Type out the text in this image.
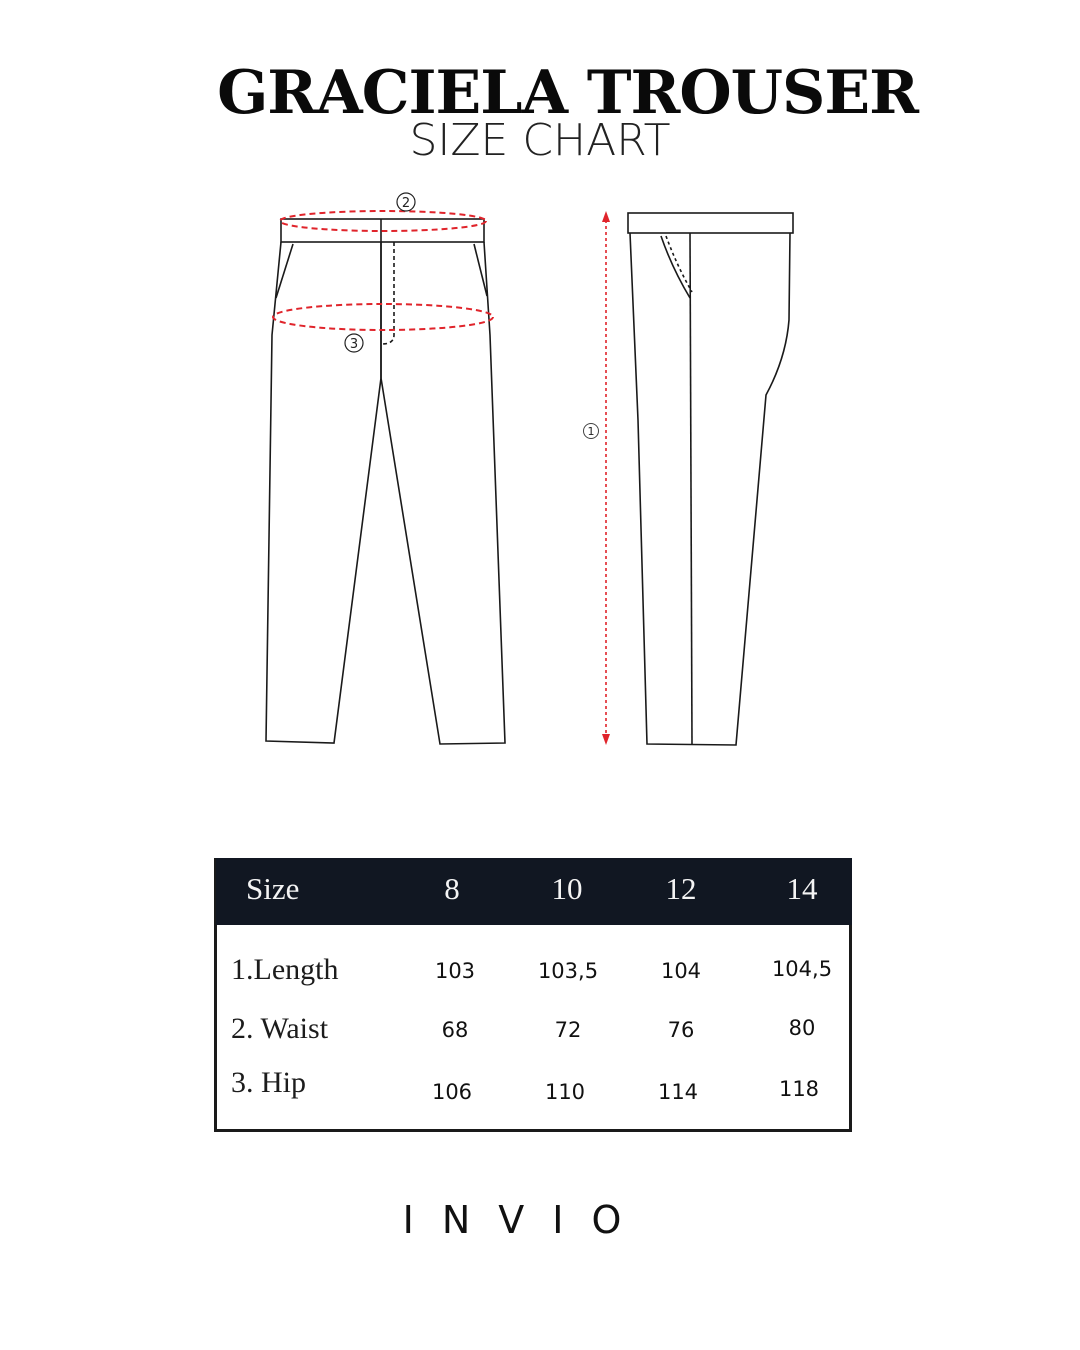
GRACIELA TROUSER
SIZE CHART
2
3
1
Size	8	10	12	14
1.Length	103	103,5	104	104,5
2. Waist	68	72	76	80
3. Hip	106	110	114	118
INVIO
